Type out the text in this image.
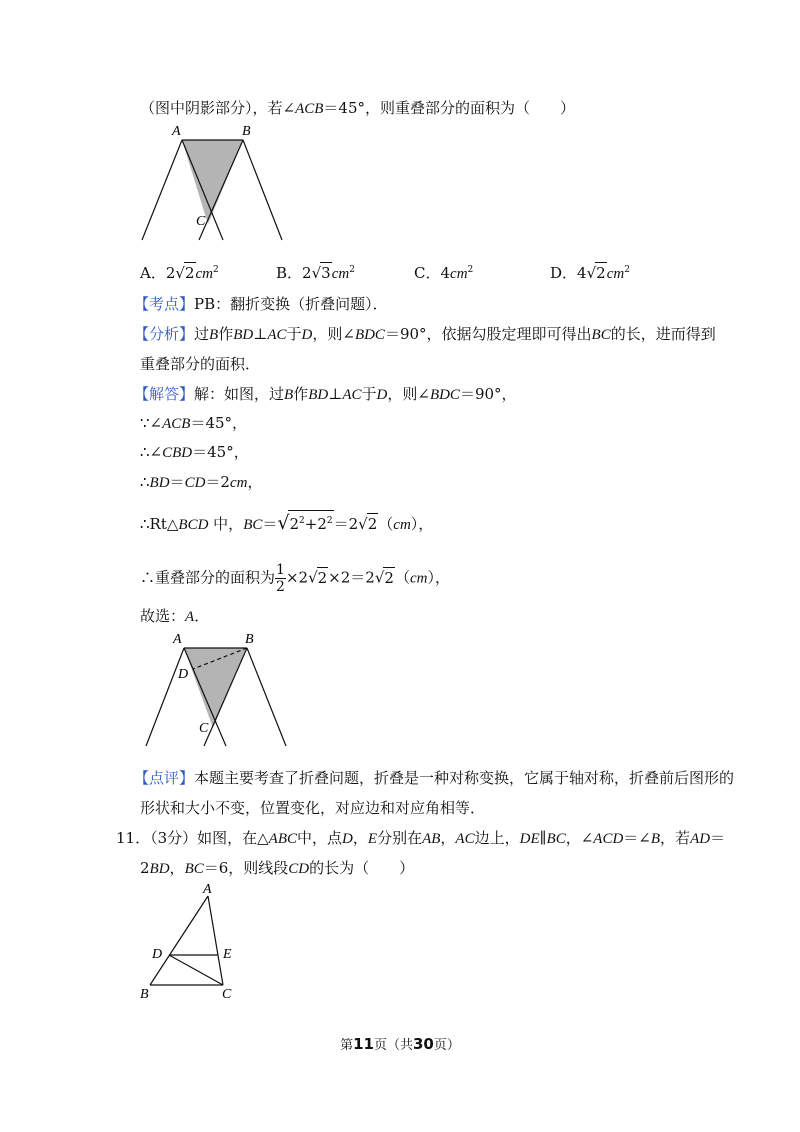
（图中阴影部分），若∠ACB＝45°，则重叠部分的面积为（　　）
A	B
C
A．$2√2cm^2$	B．$2√3cm^2$	C．$4cm^2$	D．$4√2cm^2$
【考点】PB：翻折变换（折叠问题）．
【分析】过B作BD⊥AC于D，则∠BDC＝90°，依据勾股定理即可得出BC的长，进而得到
重叠部分的面积．
【解答】解：如图，过B作BD⊥AC于D，则∠BDC＝90°，
∵∠ACB＝45°，
∴∠CBD＝45°，
∴BD＝CD＝2cm，
∴Rt△BCD 中，$BC=√2^2+2^2=2√2(cm)$，
∴重叠部分的面积为 $\frac{1}{2} \times 2√2\times 2=2√2(cm)$，
故选：A．
A	B
D
C
【点评】本题主要考查了折叠问题，折叠是一种对称变换，它属于轴对称，折叠前后图形的
形状和大小不变，位置变化，对应边和对应角相等．
11．（3分）如图，在△ABC中，点D，E分别在AB，AC边上，DE∥BC，∠ACD＝∠B，若AD＝
2BD，BC＝6，则线段CD的长为（　　）
A
D	E
B	C
第11页（共30页）
